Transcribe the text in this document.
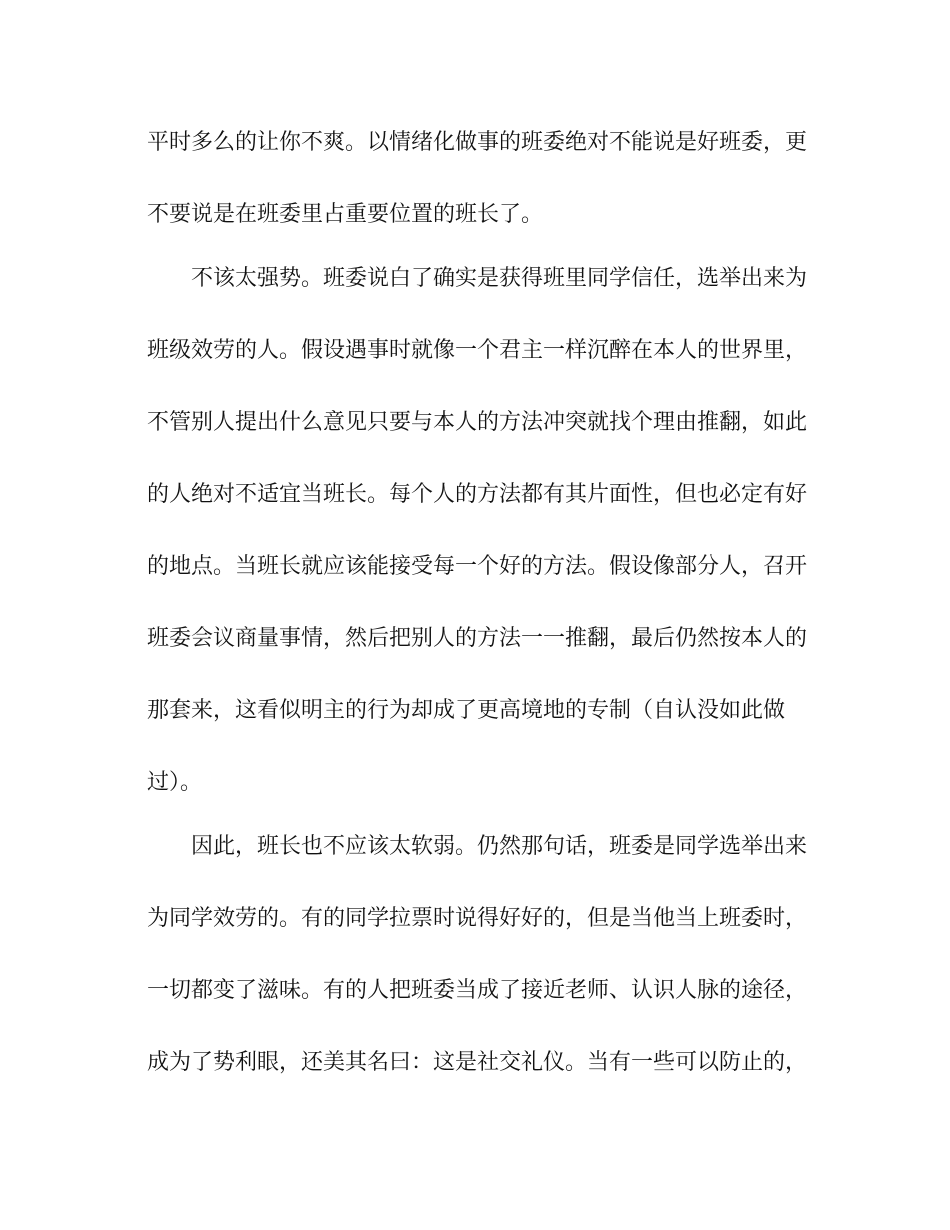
平时多么的让你不爽。以情绪化做事的班委绝对不能说是好班委，更
不要说是在班委里占重要位置的班长了。
不该太强势。班委说白了确实是获得班里同学信任，选举出来为
班级效劳的人。假设遇事时就像一个君主一样沉醉在本人的世界里，
不管别人提出什么意见只要与本人的方法冲突就找个理由推翻，如此
的人绝对不适宜当班长。每个人的方法都有其片面性，但也必定有好
的地点。当班长就应该能接受每一个好的方法。假设像部分人，召开
班委会议商量事情，然后把别人的方法一一推翻，最后仍然按本人的
那套来，这看似明主的行为却成了更高境地的专制（自认没如此做
过）。
因此，班长也不应该太软弱。仍然那句话，班委是同学选举出来
为同学效劳的。有的同学拉票时说得好好的，但是当他当上班委时，
一切都变了滋味。有的人把班委当成了接近老师、认识人脉的途径，
成为了势利眼，还美其名曰：这是社交礼仪。当有一些可以防止的，
